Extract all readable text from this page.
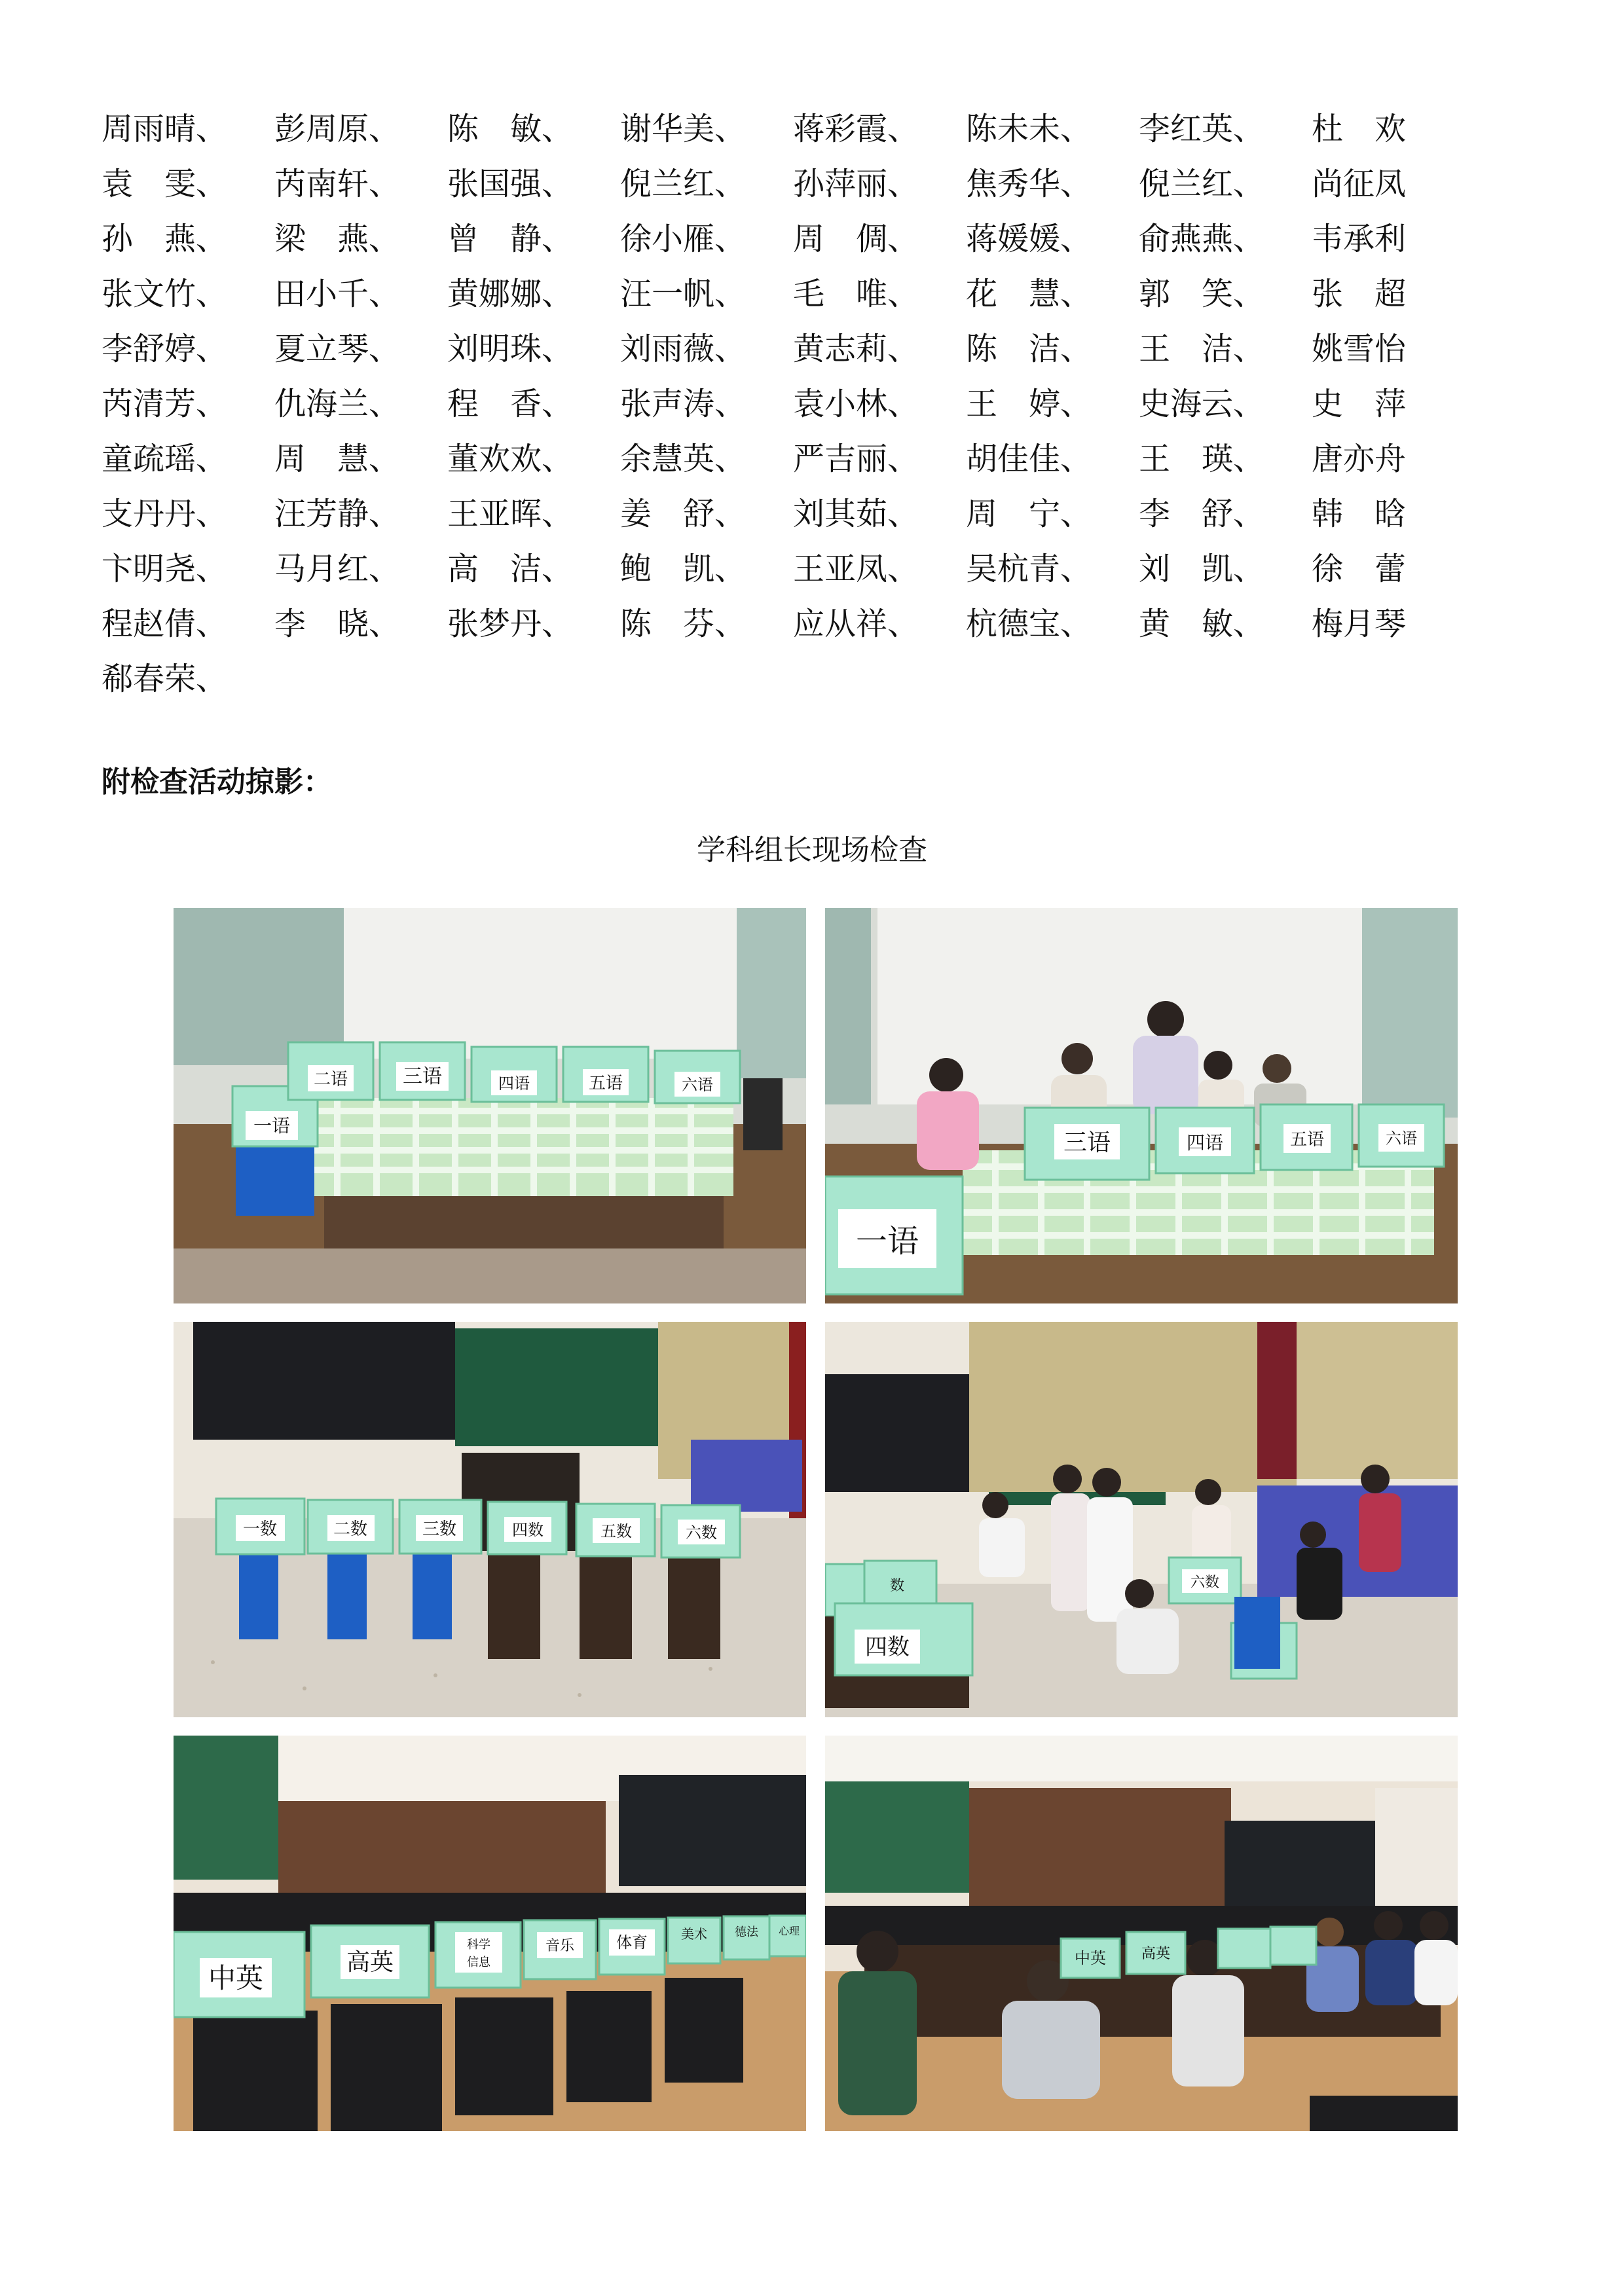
周雨晴、	彭周原、	陈　敏、	谢华美、	蒋彩霞、	陈未未、	李红英、	杜　欢
袁　雯、	芮南轩、	张国强、	倪兰红、	孙萍丽、	焦秀华、	倪兰红、	尚征凤
孙　燕、	梁　燕、	曾　静、	徐小雁、	周　倜、	蒋媛媛、	俞燕燕、	韦承利
张文竹、	田小千、	黄娜娜、	汪一帆、	毛　唯、	花　慧、	郭　笑、	张　超
李舒婷、	夏立琴、	刘明珠、	刘雨薇、	黄志莉、	陈　洁、	王　洁、	姚雪怡
芮清芳、	仇海兰、	程　香、	张声涛、	袁小林、	王　婷、	史海云、	史　萍
童疏瑶、	周　慧、	董欢欢、	余慧英、	严吉丽、	胡佳佳、	王　瑛、	唐亦舟
支丹丹、	汪芳静、	王亚晖、	姜　舒、	刘其茹、	周　宁、	李　舒、	韩　晗
卞明尧、	马月红、	高　洁、	鲍　凯、	王亚凤、	吴杭青、	刘　凯、	徐　蕾
程赵倩、	李　晓、	张梦丹、	陈　芬、	应从祥、	杭德宝、	黄　敏、	梅月琴
郗春荣、
附检查活动掠影：
学科组长现场检查
一语
二语	三语	四语	五语	六语
三语	四语	五语	六语
一语
一数	二数	三数	四数	五数	六数
数	六数
四数
中英	高英
科学
信息
音乐	体育	美术 德法 心理
中英 高英
